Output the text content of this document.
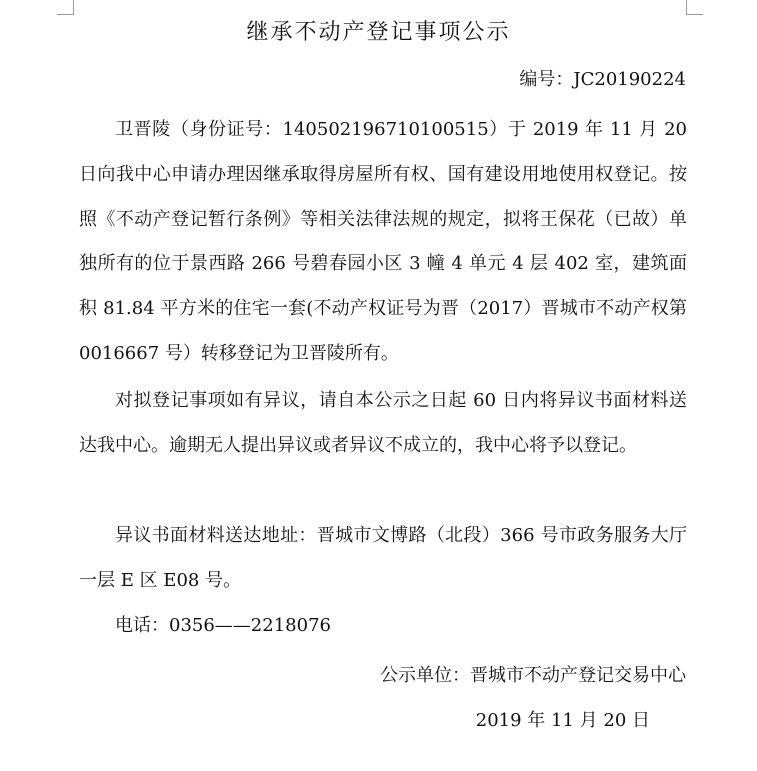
继承不动产登记事项公示
编号：JC20190224

卫晋陵（身份证号：140502196710100515）于 2019 年 11 月 20 日向我中心申请办理因继承取得房屋所有权、国有建设用地使用权登记。按照《不动产登记暂行条例》等相关法律法规的规定，拟将王保花（已故）单独所有的位于景西路 266 号碧春园小区 3 幢 4 单元 4 层 402 室，建筑面积 81.84 平方米的住宅一套(不动产权证号为晋（2017）晋城市不动产权第 0016667 号）转移登记为卫晋陵所有。

对拟登记事项如有异议，请自本公示之日起 60 日内将异议书面材料送达我中心。逾期无人提出异议或者异议不成立的，我中心将予以登记。

异议书面材料送达地址：晋城市文博路（北段）366 号市政务服务大厅一层 E 区 E08 号。

电话：0356——2218076

公示单位：晋城市不动产登记交易中心
2019 年 11 月 20 日
